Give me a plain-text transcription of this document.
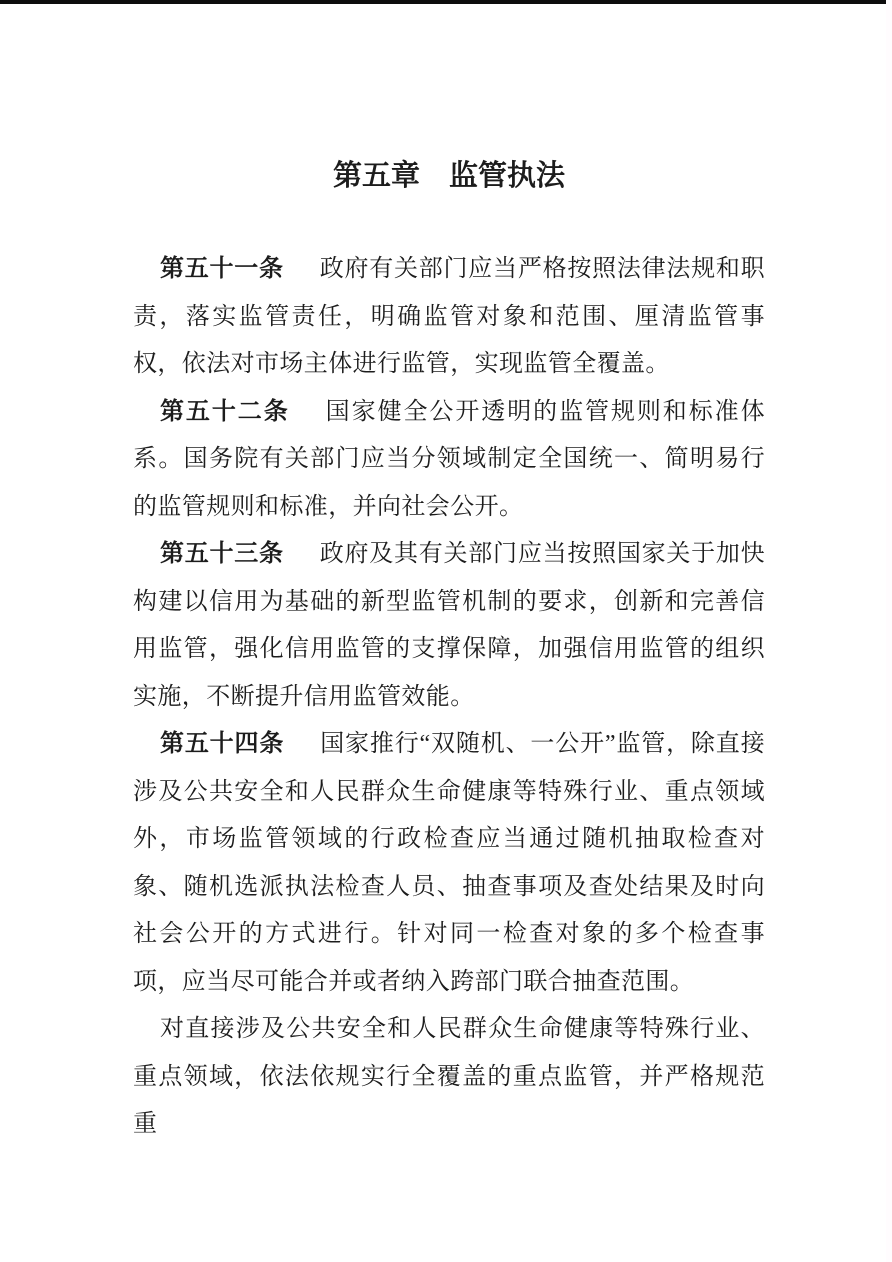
第五章　监管执法

第五十一条 政府有关部门应当严格按照法律法规和职责，落实监管责任，明确监管对象和范围、厘清监管事权，依法对市场主体进行监管，实现监管全覆盖。

第五十二条 国家健全公开透明的监管规则和标准体系。国务院有关部门应当分领域制定全国统一、简明易行的监管规则和标准，并向社会公开。

第五十三条 政府及其有关部门应当按照国家关于加快构建以信用为基础的新型监管机制的要求，创新和完善信用监管，强化信用监管的支撑保障，加强信用监管的组织实施，不断提升信用监管效能。

第五十四条 国家推行“双随机、一公开”监管，除直接涉及公共安全和人民群众生命健康等特殊行业、重点领域外，市场监管领域的行政检查应当通过随机抽取检查对象、随机选派执法检查人员、抽查事项及查处结果及时向社会公开的方式进行。针对同一检查对象的多个检查事项，应当尽可能合并或者纳入跨部门联合抽查范围。

对直接涉及公共安全和人民群众生命健康等特殊行业、重点领域，依法依规实行全覆盖的重点监管，并严格规范重
